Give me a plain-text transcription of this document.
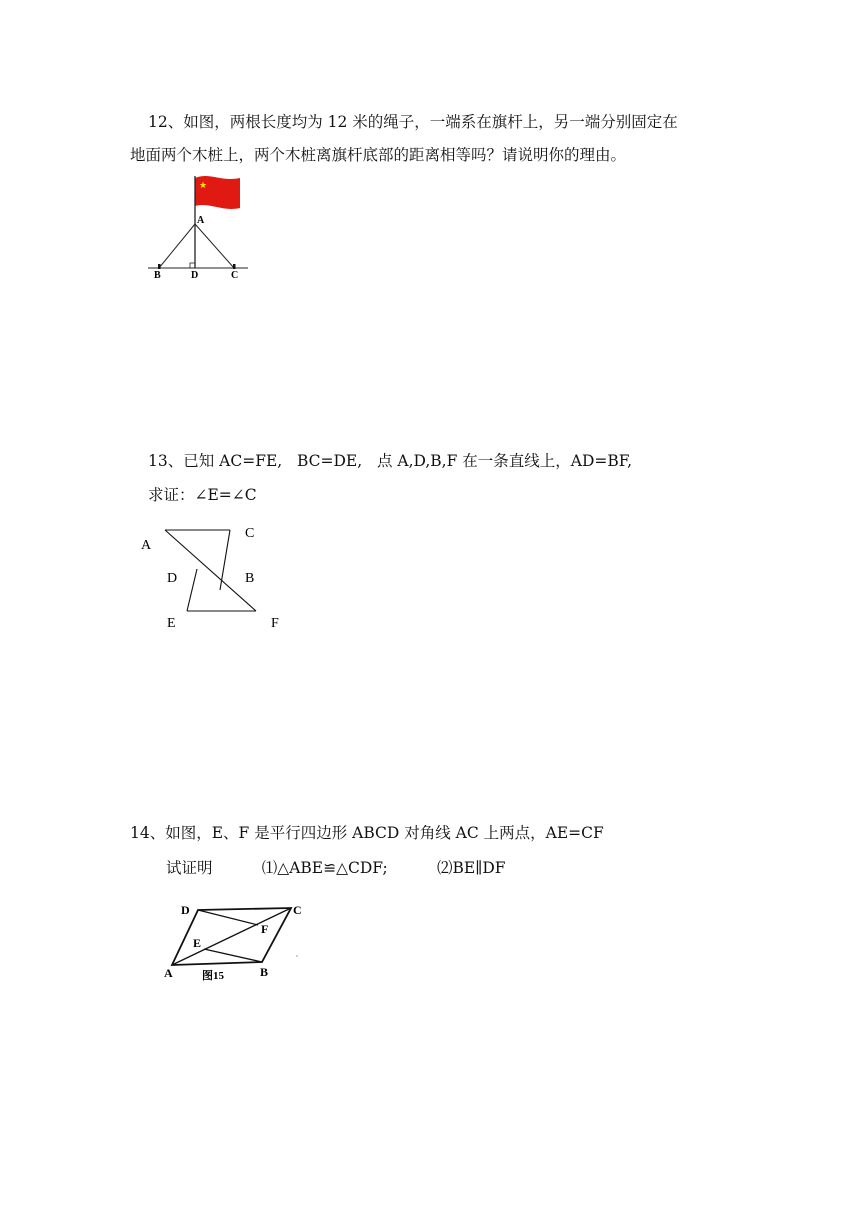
12、如图，两根长度均为 12 米的绳子，一端系在旗杆上，另一端分别固定在
地面两个木桩上，两个木桩离旗杆底部的距离相等吗？请说明你的理由。
★
A
B	D	C
13、已知 AC=FE,   BC=DE,   点 A,D,B,F 在一条直线上，AD=BF,
求证：∠E=∠C
A
C
D	B
E	F
14、如图，E、F 是平行四边形 ABCD 对角线 AC 上两点，AE=CF
试证明          ⑴△ABE≌△CDF;          ⑵BE∥DF
D	C
F
E
A	B
图15
